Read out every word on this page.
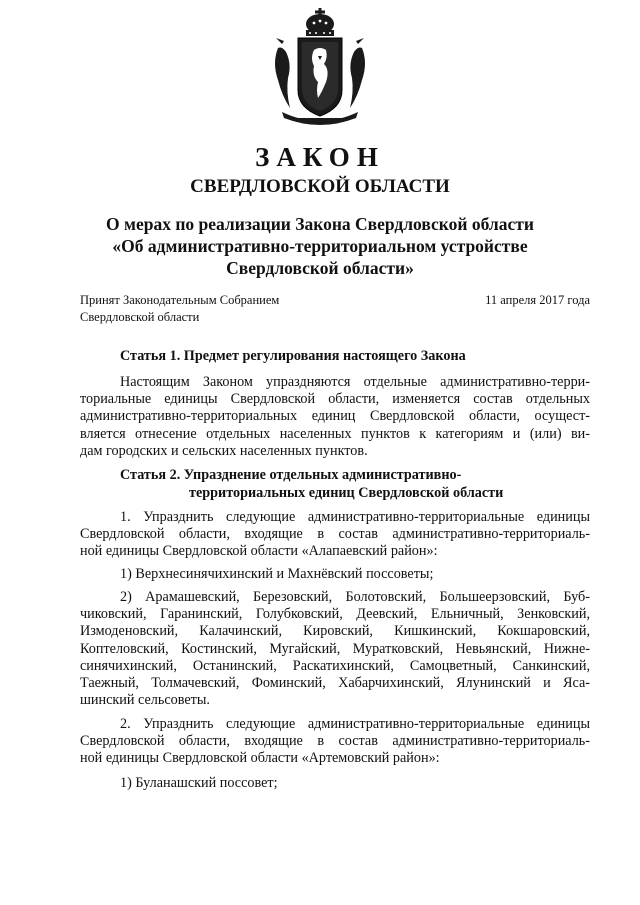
ЗАКОН
СВЕРДЛОВСКОЙ ОБЛАСТИ
О мерах по реализации Закона Свердловской области
«Об административно-территориальном устройстве
Свердловской области»
Принят Законодательным Собранием
Свердловской области
11 апреля 2017 года
Статья 1. Предмет регулирования настоящего Закона
Настоящим Законом упраздняются отдельные административно-терри-
ториальные единицы Свердловской области, изменяется состав отдельных
административно-территориальных единиц Свердловской области, осущест-
вляется отнесение отдельных населенных пунктов к категориям и (или) ви-
дам городских и сельских населенных пунктов.
Статья 2. Упразднение отдельных административно-
территориальных единиц Свердловской области
1. Упразднить следующие административно-территориальные единицы
Свердловской области, входящие в состав административно-территориаль-
ной единицы Свердловской области «Алапаевский район»:
1) Верхнесинячихинский и Махнёвский поссоветы;
2) Арамашевский, Березовский, Болотовский, Большеерзовский, Буб-
чиковский, Гаранинский, Голубковский, Деевский, Ельничный, Зенковский,
Измоденовский, Калачинский, Кировский, Кишкинский, Кокшаровский,
Коптеловский, Костинский, Мугайский, Муратковский, Невьянский, Нижне-
синячихинский, Останинский, Раскатихинский, Самоцветный, Санкинский,
Таежный, Толмачевский, Фоминский, Хабарчихинский, Ялунинский и Яса-
шинский сельсоветы.
2. Упразднить следующие административно-территориальные единицы
Свердловской области, входящие в состав административно-территориаль-
ной единицы Свердловской области «Артемовский район»:
1) Буланашский поссовет;
